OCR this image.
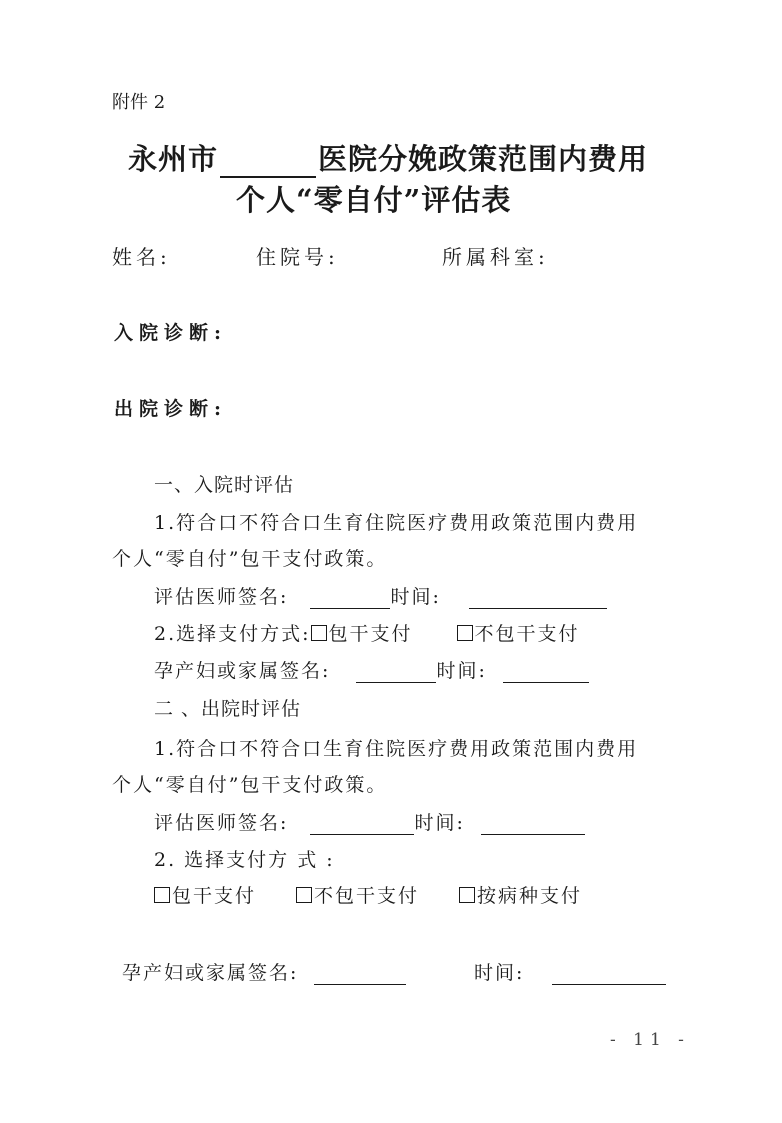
附件 2
永州市	医院分娩政策范围内费用
个人“零自付”评估表
姓名:	住院号:	所属科室:
入院诊断:
出院诊断:
一、入院时评估
1.符合口不符合口生育住院医疗费用政策范围内费用
个人“零自付”包干支付政策。
评估医师签名:	时间:
2.选择支付方式: 包干支付	不包干支付
孕产妇或家属签名:	时间:
二 、出院时评估
1.符合口不符合口生育住院医疗费用政策范围内费用
个人“零自付”包干支付政策。
评估医师签名:	时间:
2. 选择支付方 式 :
包干支付	不包干支付	按病种支付
孕产妇或家属签名:	时间:
- 11 -
